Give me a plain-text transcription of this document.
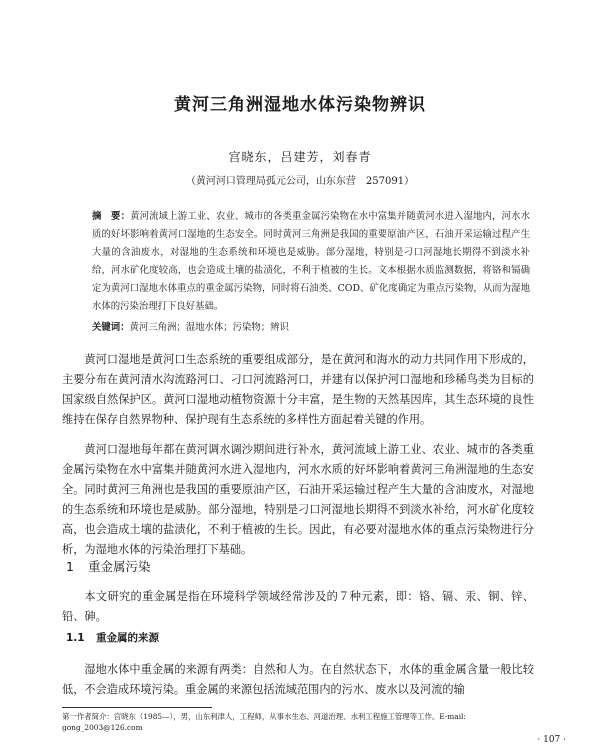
黄河三角洲湿地水体污染物辨识
宫晓东，吕建芳，刘春青
（黄河河口管理局孤元公司，山东东营　257091）
摘　要：黄河流域上游工业、农业、城市的各类重金属污染物在水中富集并随黄河水进入湿地内，河水水质的好坏影响着黄河口湿地的生态安全。同时黄河三角洲是我国的重要原油产区，石油开采运输过程产生大量的含油废水，对湿地的生态系统和环境也是威胁。部分湿地，特别是刁口河湿地长期得不到淡水补给，河水矿化度较高，也会造成土壤的盐渍化，不利于植被的生长。文本根据水质监测数据，将铬和镉确定为黄河口湿地水体重点的重金属污染物，同时将石油类、COD、矿化度确定为重点污染物，从而为湿地水体的污染治理打下良好基础。
关键词：黄河三角洲；湿地水体；污染物；辨识

黄河口湿地是黄河口生态系统的重要组成部分，是在黄河和海水的动力共同作用下形成的，主要分布在黄河清水沟流路河口、刁口河流路河口，并建有以保护河口湿地和珍稀鸟类为目标的国家级自然保护区。黄河口湿地动植物资源十分丰富，是生物的天然基因库，其生态环境的良性维持在保存自然界物种、保护现有生态系统的多样性方面起着关键的作用。

黄河口湿地每年都在黄河调水调沙期间进行补水，黄河流域上游工业、农业、城市的各类重金属污染物在水中富集并随黄河水进入湿地内，河水水质的好坏影响着黄河三角洲湿地的生态安全。同时黄河三角洲也是我国的重要原油产区，石油开采运输过程产生大量的含油废水，对湿地的生态系统和环境也是威胁。部分湿地，特别是刁口河湿地长期得不到淡水补给，河水矿化度较高，也会造成土壤的盐渍化，不利于植被的生长。因此，有必要对湿地水体的重点污染物进行分析，为湿地水体的污染治理打下基础。

1 重金属污染

本文研究的重金属是指在环境科学领域经常涉及的７种元素，即：铬、镉、汞、铜、锌、铅、砷。

1.1 重金属的来源

湿地水体中重金属的来源有两类：自然和人为。在自然状态下，水体的重金属含量一般比较低，不会造成环境污染。重金属的来源包括流域范围内的污水、废水以及河流的输

第一作者简介：宫晓东（1985—），男，山东利津人，工程师，从事水生态、河道治理、水利工程施工管理等工作。E-mail: gong_2003@126.com
· 107 ·
